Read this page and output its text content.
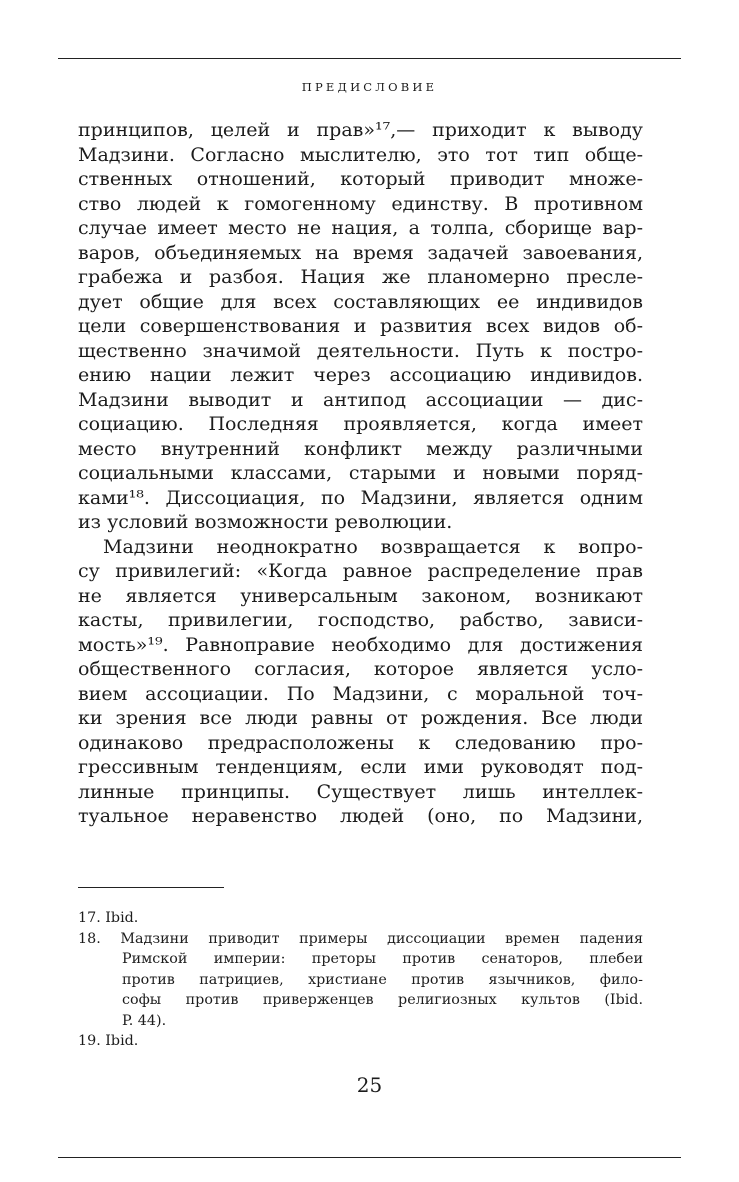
ПРЕДИСЛОВИЕ
принципов, целей и прав»¹⁷,— приходит к выводу
Мадзини. Согласно мыслителю, это тот тип обще-
ственных отношений, который приводит множе-
ство людей к гомогенному единству. В противном
случае имеет место не нация, а толпа, сборище вар-
варов, объединяемых на время задачей завоевания,
грабежа и разбоя. Нация же планомерно пресле-
дует общие для всех составляющих ее индивидов
цели совершенствования и развития всех видов об-
щественно значимой деятельности. Путь к постро-
ению нации лежит через ассоциацию индивидов.
Мадзини выводит и антипод ассоциации — дис-
социацию. Последняя проявляется, когда имеет
место внутренний конфликт между различными
социальными классами, старыми и новыми поряд-
ками¹⁸. Диссоциация, по Мадзини, является одним
из условий возможности революции.
Мадзини неоднократно возвращается к вопро-
су привилегий: «Когда равное распределение прав
не является универсальным законом, возникают
касты, привилегии, господство, рабство, зависи-
мость»¹⁹. Равноправие необходимо для достижения
общественного согласия, которое является усло-
вием ассоциации. По Мадзини, с моральной точ-
ки зрения все люди равны от рождения. Все люди
одинаково предрасположены к следованию про-
грессивным тенденциям, если ими руководят под-
линные принципы. Существует лишь интеллек-
туальное неравенство людей (оно, по Мадзини,
17. Ibid.
18. Мадзини приводит примеры диссоциации времен падения
Римской империи: преторы против сенаторов, плебеи
против патрициев, христиане против язычников, фило-
софы против приверженцев религиозных культов (Ibid.
P. 44).
19. Ibid.
25
